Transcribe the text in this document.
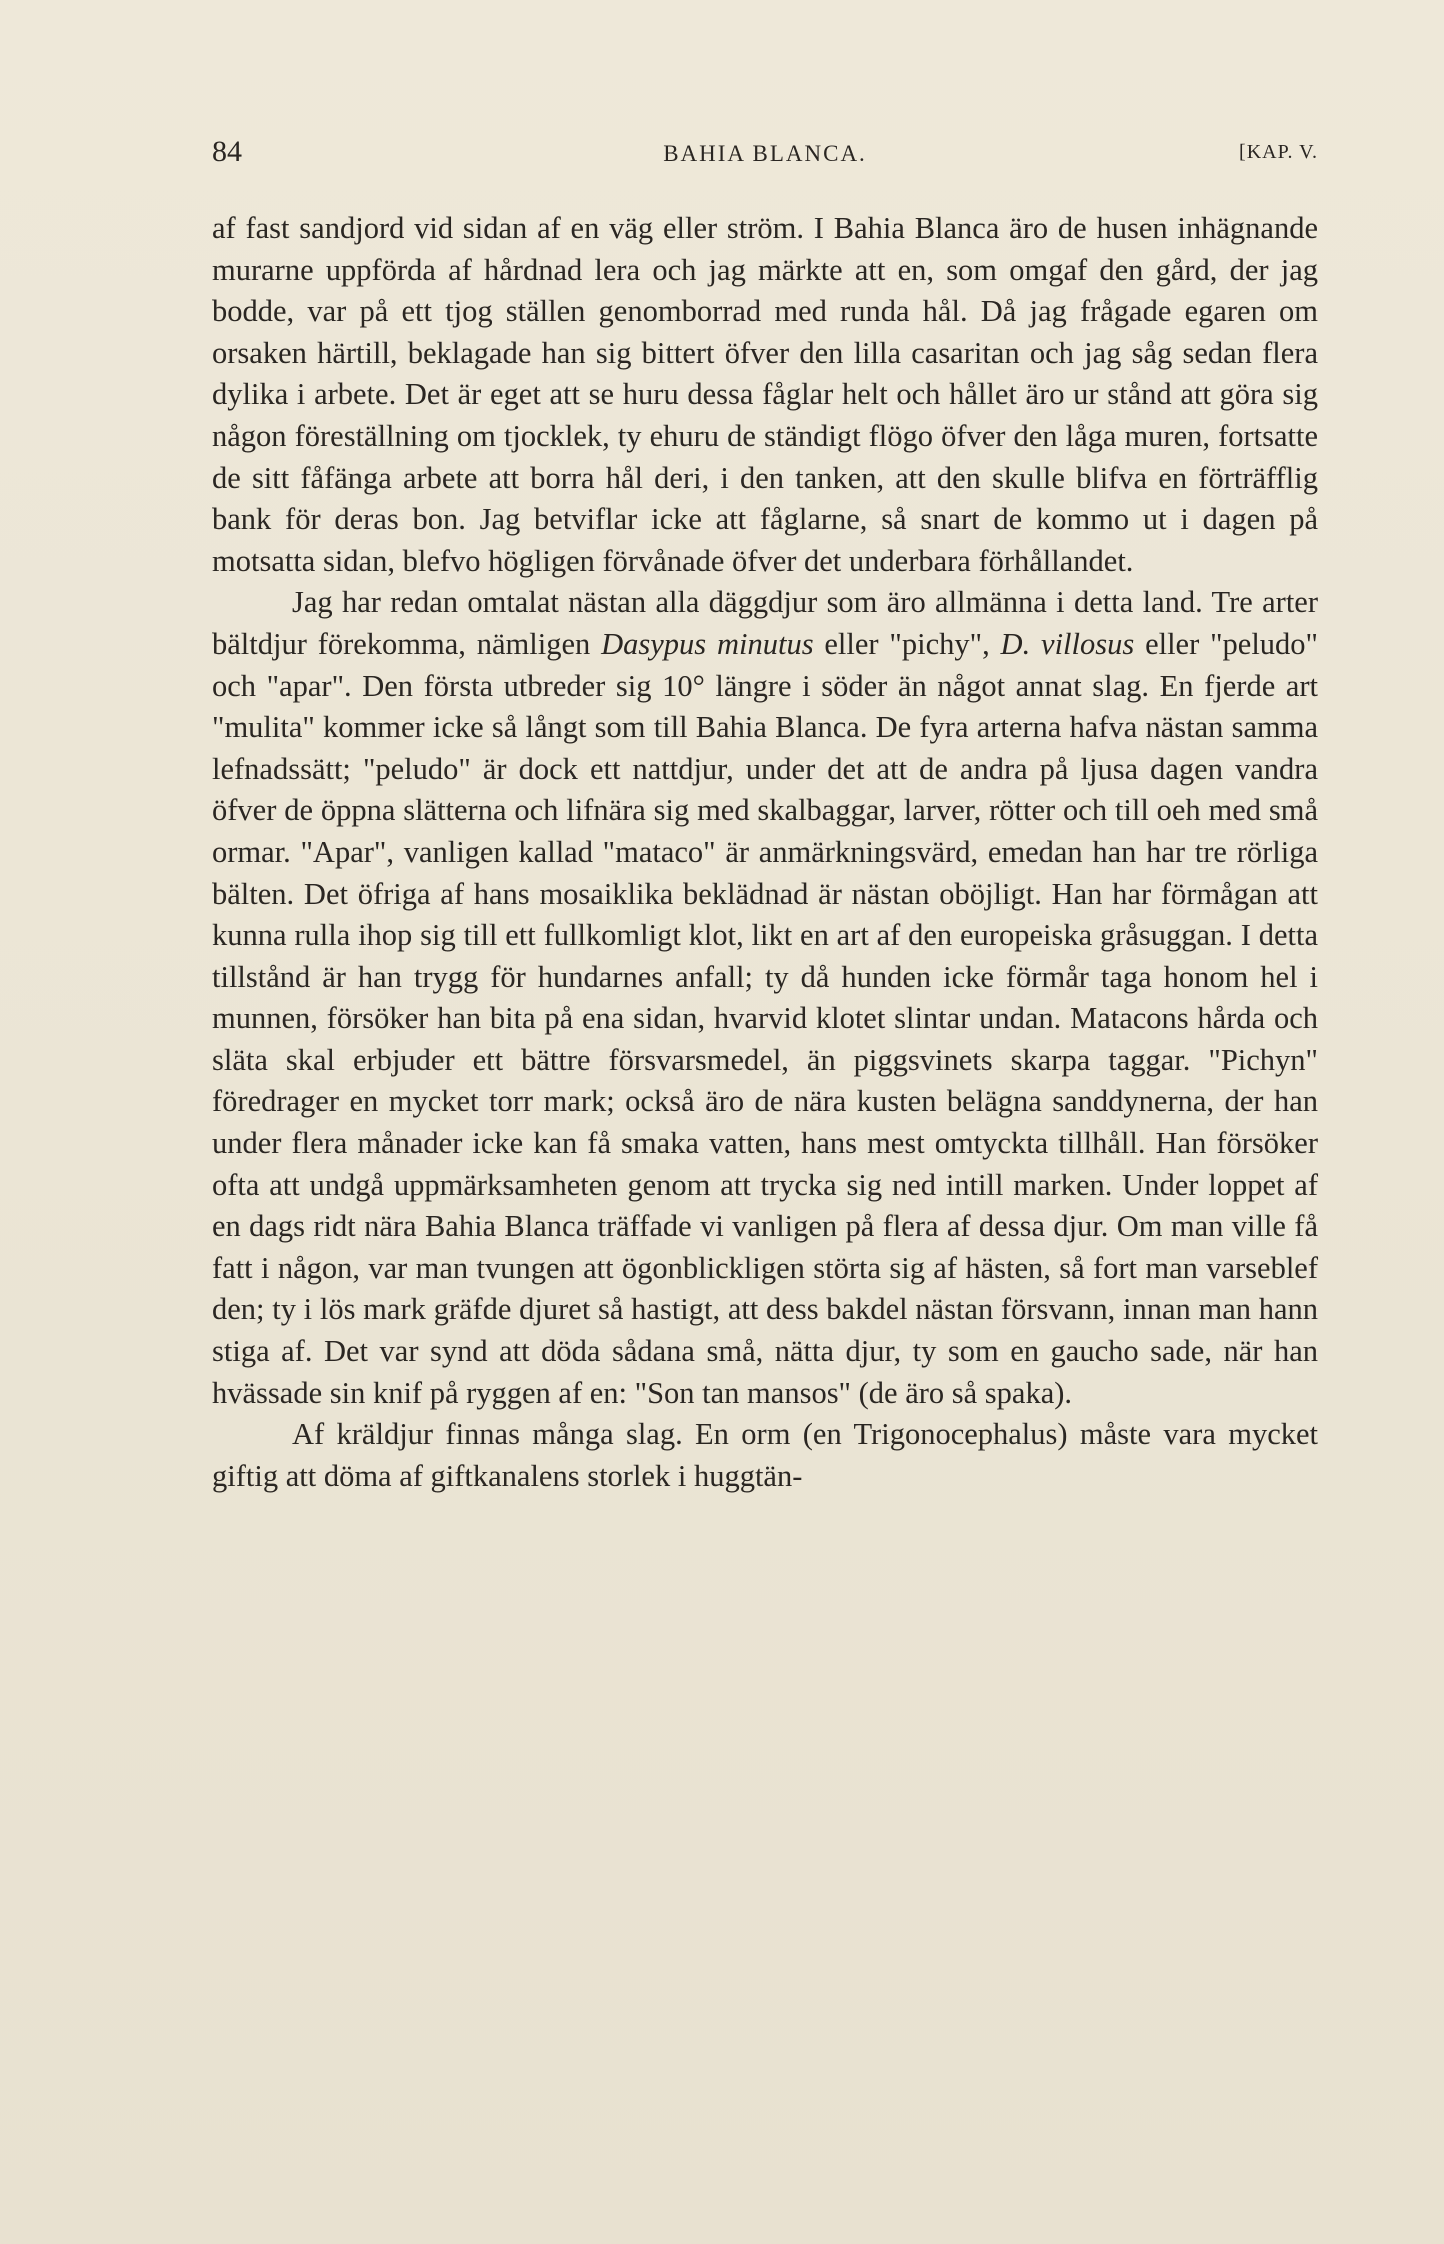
84	BAHIA BLANCA.	[KAP. V.

af fast sandjord vid sidan af en väg eller ström. I Bahia Blanca äro de husen inhägnande murarne uppförda af hårdnad lera och jag märkte att en, som omgaf den gård, der jag bodde, var på ett tjog ställen genomborrad med runda hål. Då jag frågade egaren om orsaken härtill, beklagade han sig bittert öfver den lilla casaritan och jag såg sedan flera dylika i arbete. Det är eget att se huru dessa fåglar helt och hållet äro ur stånd att göra sig någon föreställning om tjocklek, ty ehuru de ständigt flögo öfver den låga muren, fortsatte de sitt fåfänga arbete att borra hål deri, i den tanken, att den skulle blifva en förträfflig bank för deras bon. Jag betviflar icke att fåglarne, så snart de kommo ut i dagen på motsatta sidan, blefvo högligen förvånade öfver det underbara förhållandet.

Jag har redan omtalat nästan alla däggdjur som äro allmänna i detta land. Tre arter bältdjur förekomma, nämligen Dasypus minutus eller "pichy", D. villosus eller "peludo" och "apar". Den första utbreder sig 10° längre i söder än något annat slag. En fjerde art "mulita" kommer icke så långt som till Bahia Blanca. De fyra arterna hafva nästan samma lefnadssätt; "peludo" är dock ett nattdjur, under det att de andra på ljusa dagen vandra öfver de öppna slätterna och lifnära sig med skalbaggar, larver, rötter och till oeh med små ormar. "Apar", vanligen kallad "mataco" är anmärkningsvärd, emedan han har tre rörliga bälten. Det öfriga af hans mosaiklika beklädnad är nästan oböjligt. Han har förmågan att kunna rulla ihop sig till ett fullkomligt klot, likt en art af den europeiska gråsuggan. I detta tillstånd är han trygg för hundarnes anfall; ty då hunden icke förmår taga honom hel i munnen, försöker han bita på ena sidan, hvarvid klotet slintar undan. Matacons hårda och släta skal erbjuder ett bättre försvarsmedel, än piggsvinets skarpa taggar. "Pichyn" föredrager en mycket torr mark; också äro de nära kusten belägna sanddynerna, der han under flera månader icke kan få smaka vatten, hans mest omtyckta tillhåll. Han försöker ofta att undgå uppmärksamheten genom att trycka sig ned intill marken. Under loppet af en dags ridt nära Bahia Blanca träffade vi vanligen på flera af dessa djur. Om man ville få fatt i någon, var man tvungen att ögonblickligen störta sig af hästen, så fort man varseblef den; ty i lös mark gräfde djuret så hastigt, att dess bakdel nästan försvann, innan man hann stiga af. Det var synd att döda sådana små, nätta djur, ty som en gaucho sade, när han hvässade sin knif på ryggen af en: "Son tan mansos" (de äro så spaka).

Af kräldjur finnas många slag. En orm (en Trigonocephalus) måste vara mycket giftig att döma af giftkanalens storlek i huggtän-
